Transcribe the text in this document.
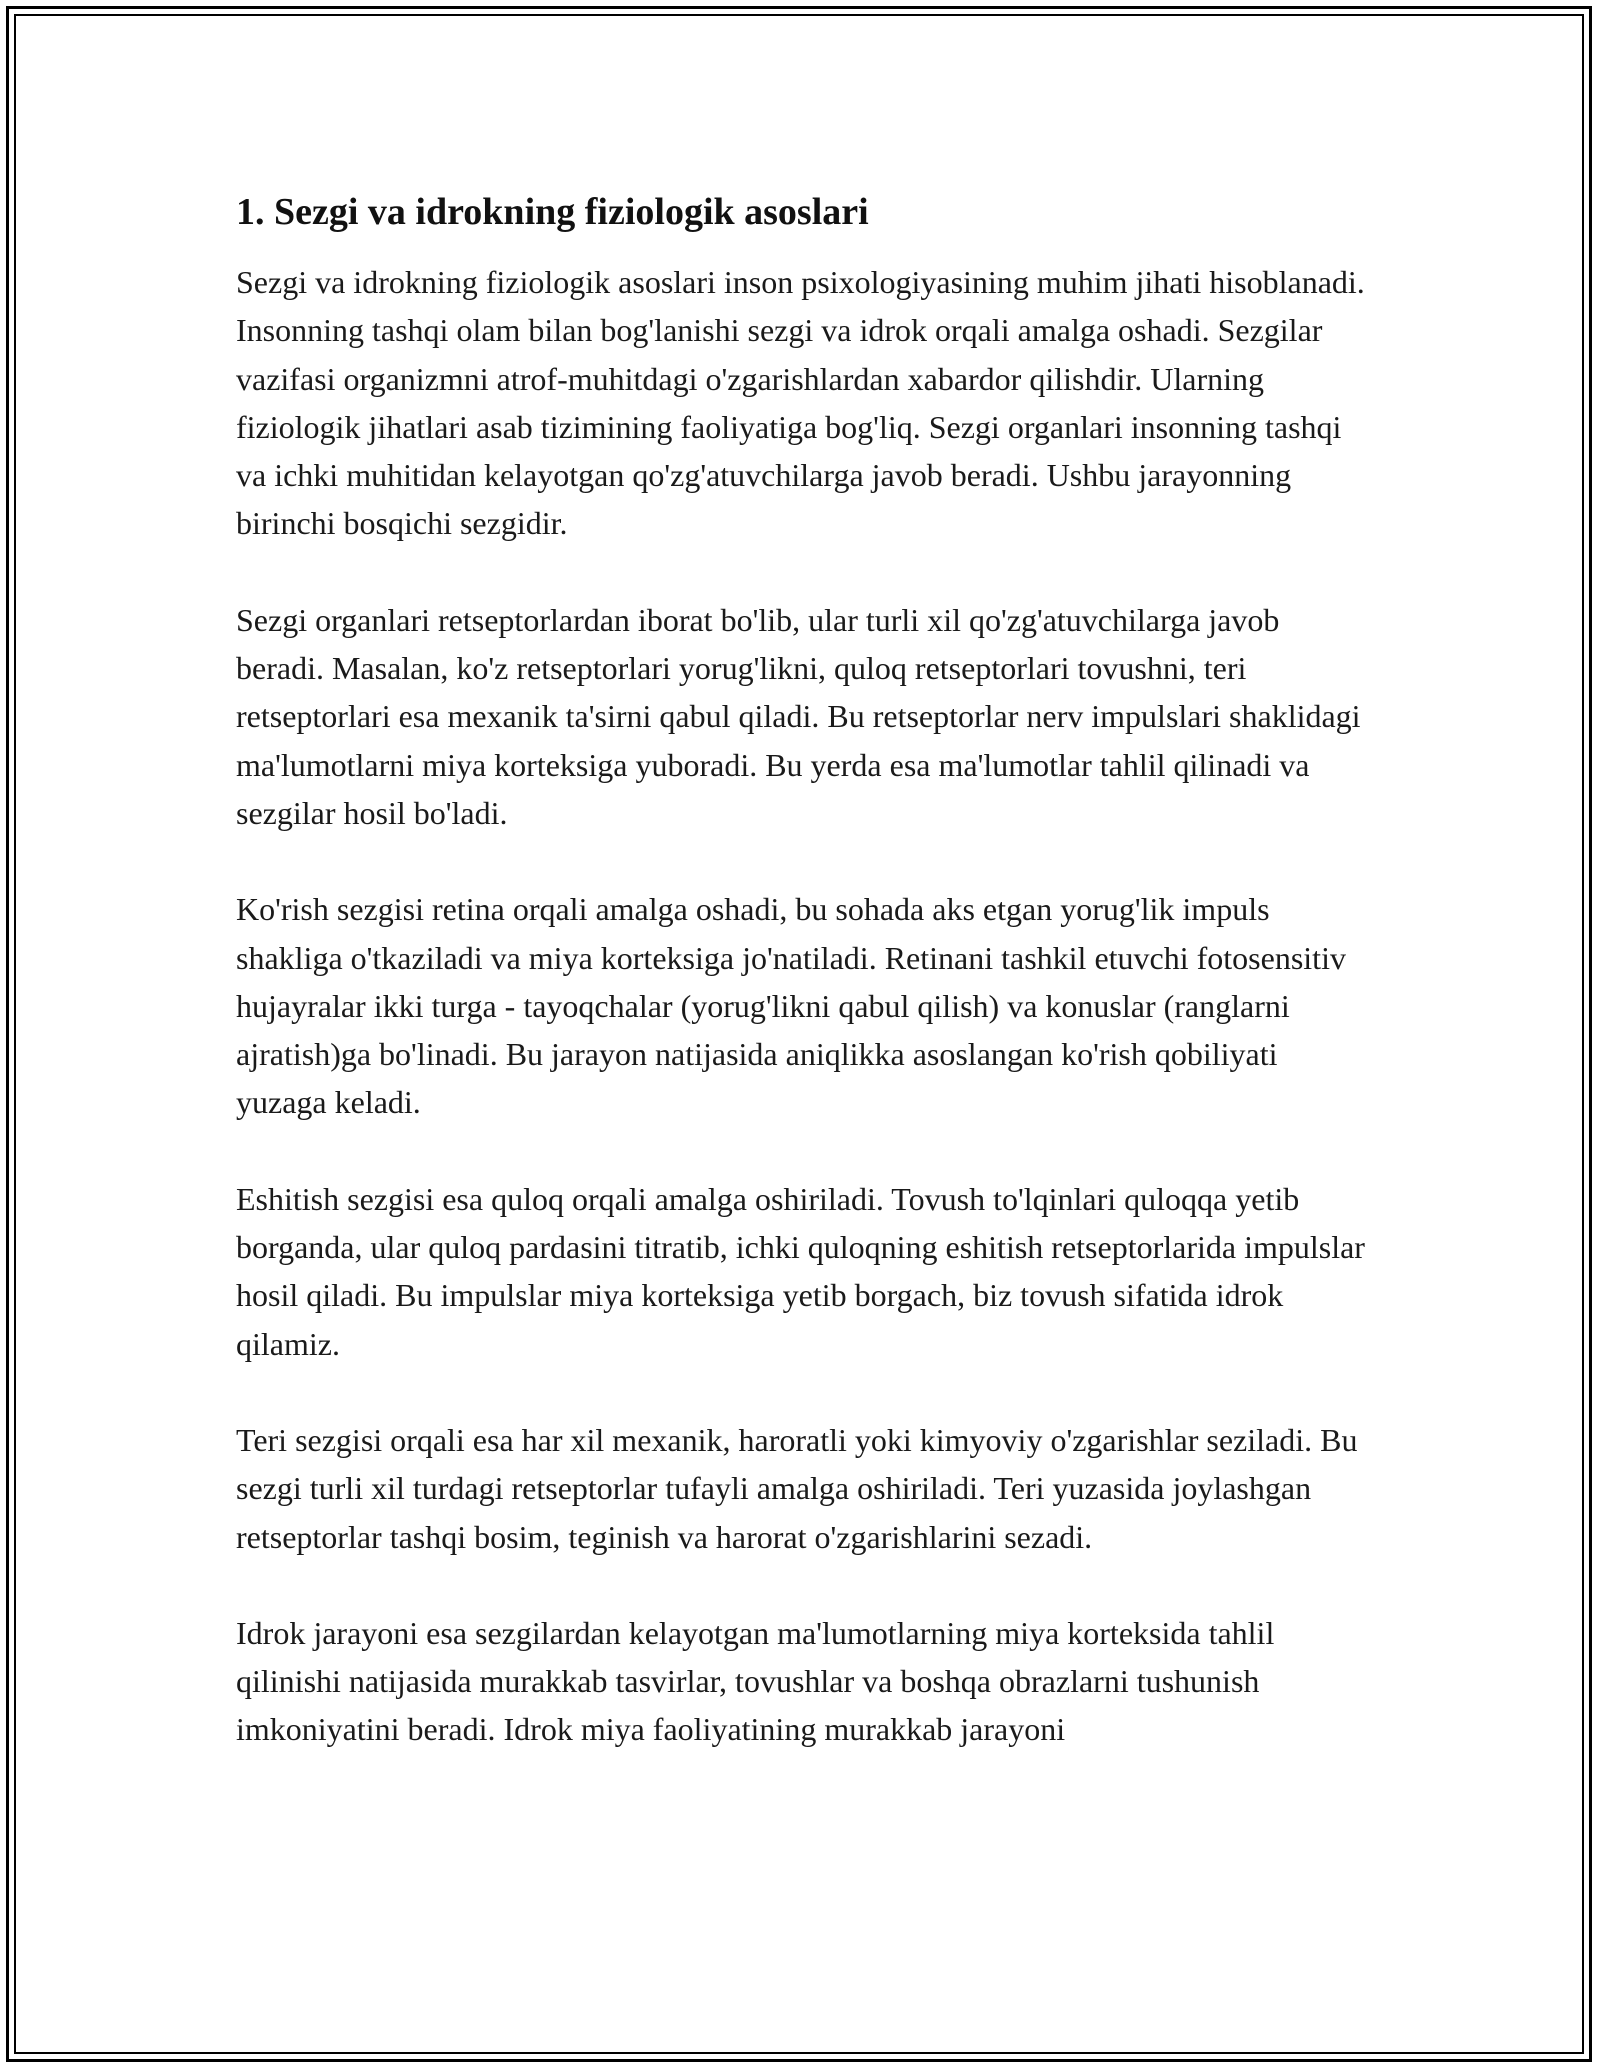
1. Sezgi va idrokning fiziologik asoslari

Sezgi va idrokning fiziologik asoslari inson psixologiyasining muhim jihati hisoblanadi. Insonning tashqi olam bilan bog'lanishi sezgi va idrok orqali amalga oshadi. Sezgilar vazifasi organizmni atrof-muhitdagi o'zgarishlardan xabardor qilishdir. Ularning fiziologik jihatlari asab tizimining faoliyatiga bog'liq. Sezgi organlari insonning tashqi va ichki muhitidan kelayotgan qo'zg'atuvchilarga javob beradi. Ushbu jarayonning birinchi bosqichi sezgidir.

Sezgi organlari retseptorlardan iborat bo'lib, ular turli xil qo'zg'atuvchilarga javob beradi. Masalan, ko'z retseptorlari yorug'likni, quloq retseptorlari tovushni, teri retseptorlari esa mexanik ta'sirni qabul qiladi. Bu retseptorlar nerv impulslari shaklidagi ma'lumotlarni miya korteksiga yuboradi. Bu yerda esa ma'lumotlar tahlil qilinadi va sezgilar hosil bo'ladi.

Ko'rish sezgisi retina orqali amalga oshadi, bu sohada aks etgan yorug'lik impuls shakliga o'tkaziladi va miya korteksiga jo'natiladi. Retinani tashkil etuvchi fotosensitiv hujayralar ikki turga - tayoqchalar (yorug'likni qabul qilish) va konuslar (ranglarni ajratish)ga bo'linadi. Bu jarayon natijasida aniqlikka asoslangan ko'rish qobiliyati yuzaga keladi.

Eshitish sezgisi esa quloq orqali amalga oshiriladi. Tovush to'lqinlari quloqqa yetib borganda, ular quloq pardasini titratib, ichki quloqning eshitish retseptorlarida impulslar hosil qiladi. Bu impulslar miya korteksiga yetib borgach, biz tovush sifatida idrok qilamiz.

Teri sezgisi orqali esa har xil mexanik, haroratli yoki kimyoviy o'zgarishlar seziladi. Bu sezgi turli xil turdagi retseptorlar tufayli amalga oshiriladi. Teri yuzasida joylashgan retseptorlar tashqi bosim, teginish va harorat o'zgarishlarini sezadi.

Idrok jarayoni esa sezgilardan kelayotgan ma'lumotlarning miya korteksida tahlil qilinishi natijasida murakkab tasvirlar, tovushlar va boshqa obrazlarni tushunish imkoniyatini beradi. Idrok miya faoliyatining murakkab jarayoni
